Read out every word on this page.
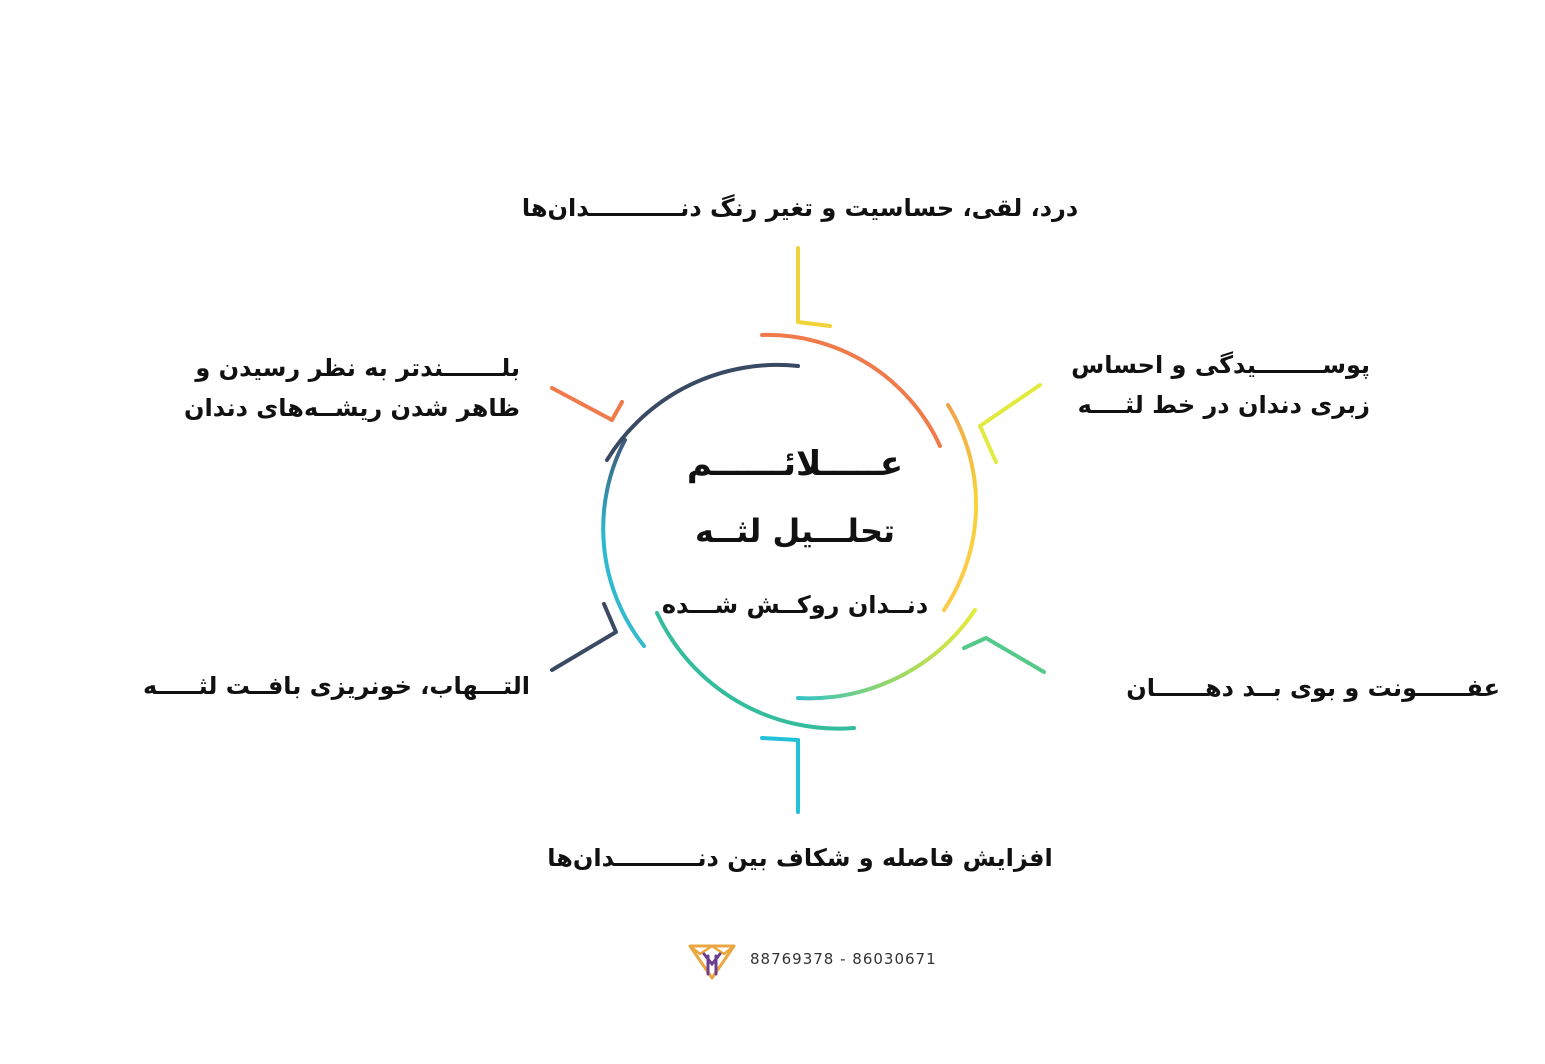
عـــــلائــــــم
تحلـــیل لثــه
دنــدان روکــش شـــده
درد، لقی، حساسیت و تغیر رنگ دنـــــــــــدان‌ها
پوســــــــیدگی و احساس
زبری دندان در خط لثــــه
بلـــــــندتر به نظر رسیدن و
ظاهر شدن ریشــه‌های دندان
عفــــــونت و بوی بــد دهــــــان
التـــهاب، خونریزی بافــت لثـــــه
افزایش فاصله و شکاف بین دنــــــــــدان‌ها
88769378 - 86030671
